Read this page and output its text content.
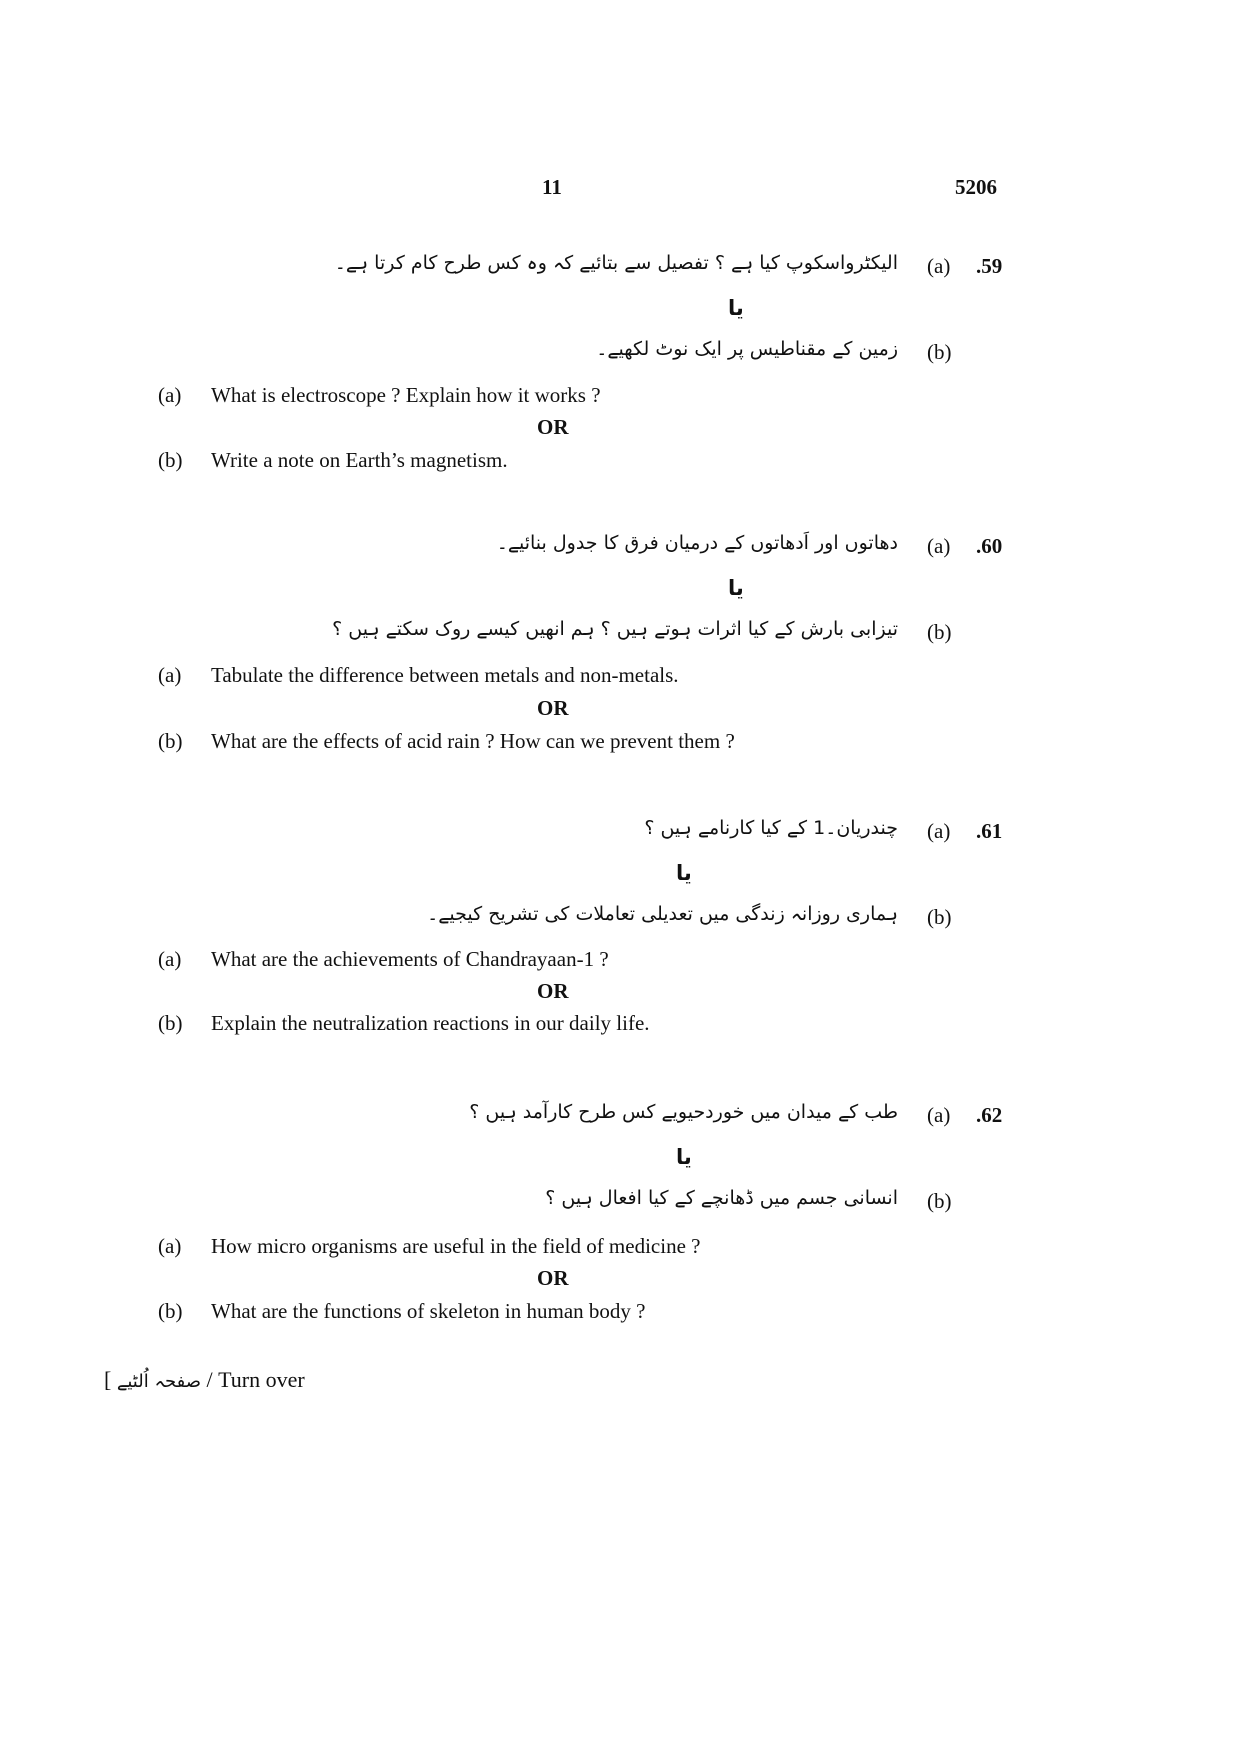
11	5206
.59
(a)
الیکٹرواسکوپ کیا ہے ؟ تفصیل سے بتائیے کہ وہ کس طرح کام کرتا ہے۔
یا
(b)
زمین کے مقناطیس پر ایک نوٹ لکھیے۔
(a) What is electroscope ? Explain how it works ?
OR
(b) Write a note on Earth’s magnetism.
.60
(a)
دھاتوں اور اَدھاتوں کے درمیان فرق کا جدول بنائیے۔
یا
(b)
تیزابی بارش کے کیا اثرات ہوتے ہیں ؟ ہم انھیں کیسے روک سکتے ہیں ؟
(a) Tabulate the difference between metals and non-metals.
OR
(b) What are the effects of acid rain ? How can we prevent them ?
.61
(a)
چندریان۔1 کے کیا کارنامے ہیں ؟
یا
(b)
ہماری روزانہ زندگی میں تعدیلی تعاملات کی تشریح کیجیے۔
(a) What are the achievements of Chandrayaan-1 ?
OR
(b) Explain the neutralization reactions in our daily life.
.62
(a)
طب کے میدان میں خوردحیویے کس طرح کارآمد ہیں ؟
یا
(b)
انسانی جسم میں ڈھانچے کے کیا افعال ہیں ؟
(a) How micro organisms are useful in the field of medicine ?
OR
(b) What are the functions of skeleton in human body ?
[ صفحہ اُلٹیے / Turn over
